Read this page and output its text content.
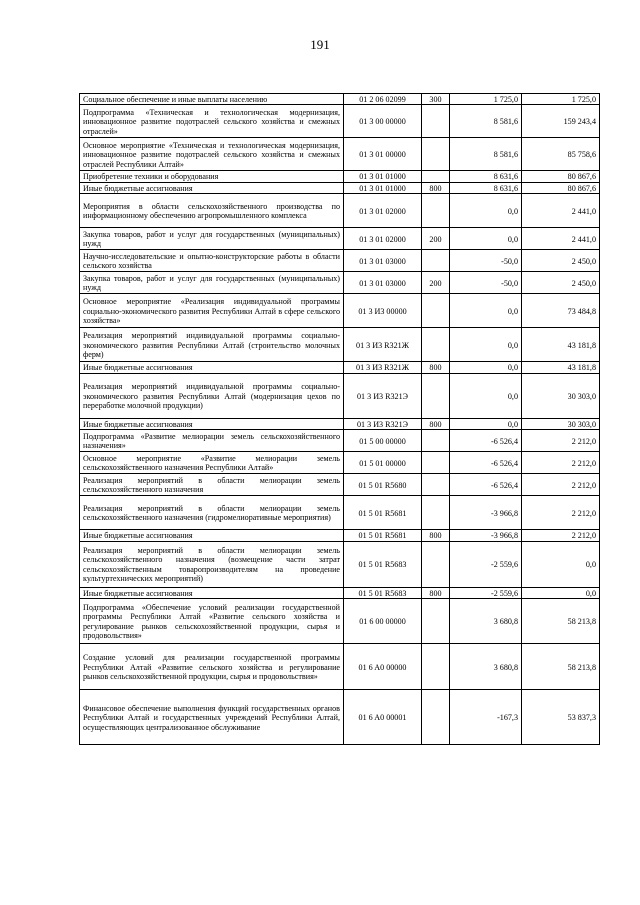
191
Социальное обеспечение и иные выплаты населению	01 2 06 02099	300	1 725,0	1 725,0
Подпрограмма «Техническая и технологическая модернизация, инновационное развитие подотраслей сельского хозяйства и смежных отраслей»	01 3 00 00000		8 581,6	159 243,4
Основное мероприятие «Техническая и технологическая модернизация, инновационное развитие подотраслей сельского хозяйства и смежных отраслей Республики Алтай»	01 3 01 00000		8 581,6	85 758,6
Приобретение техники и оборудования	01 3 01 01000		8 631,6	80 867,6
Иные бюджетные ассигнования	01 3 01 01000	800	8 631,6	80 867,6
Мероприятия в области сельскохозяйственного производства по информационному обеспечению агропромышленного комплекса	01 3 01 02000		0,0	2 441,0
Закупка товаров, работ и услуг для государственных (муниципальных) нужд	01 3 01 02000	200	0,0	2 441,0
Научно-исследовательские и опытно-конструкторские работы в области сельского хозяйства	01 3 01 03000		-50,0	2 450,0
Закупка товаров, работ и услуг для государственных (муниципальных) нужд	01 3 01 03000	200	-50,0	2 450,0
Основное мероприятие «Реализация индивидуальной программы социально-экономического развития Республики Алтай в сфере сельского хозяйства»	01 3 И3 00000		0,0	73 484,8
Реализация мероприятий индивидуальной программы социально-экономического развития Республики Алтай (строительство молочных ферм)	01 3 И3 R321Ж		0,0	43 181,8
Иные бюджетные ассигнования	01 3 И3 R321Ж	800	0,0	43 181,8
Реализация мероприятий индивидуальной программы социально-экономического развития Республики Алтай (модернизация цехов по переработке молочной продукции)	01 3 И3 R321Э		0,0	30 303,0
Иные бюджетные ассигнования	01 3 И3 R321Э	800	0,0	30 303,0
Подпрограмма «Развитие мелиорации земель сельскохозяйственного назначения»	01 5 00 00000		-6 526,4	2 212,0
Основное мероприятие «Развитие мелиорации земель сельскохозяйственного назначения Республики Алтай»	01 5 01 00000		-6 526,4	2 212,0
Реализация мероприятий в области мелиорации земель сельскохозяйственного назначения	01 5 01 R5680		-6 526,4	2 212,0
Реализация мероприятий в области мелиорации земель сельскохозяйственного назначения (гидромелиоративные мероприятия)	01 5 01 R5681		-3 966,8	2 212,0
Иные бюджетные ассигнования	01 5 01 R5681	800	-3 966,8	2 212,0
Реализация мероприятий в области мелиорации земель сельскохозяйственного назначения (возмещение части затрат сельскохозяйственным товаропроизводителям на проведение культуртехнических мероприятий)	01 5 01 R5683		-2 559,6	0,0
Иные бюджетные ассигнования	01 5 01 R5683	800	-2 559,6	0,0
Подпрограмма «Обеспечение условий реализации государственной программы Республики Алтай «Развитие сельского хозяйства и регулирование рынков сельскохозяйственной продукции, сырья и продовольствия»	01 6 00 00000		3 680,8	58 213,8
Создание условий для реализации государственной программы Республики Алтай «Развитие сельского хозяйства и регулирование рынков сельскохозяйственной продукции, сырья и продовольствия»	01 6 A0 00000		3 680,8	58 213,8
Финансовое обеспечение выполнения функций государственных органов Республики Алтай и государственных учреждений Республики Алтай, осуществляющих централизованное обслуживание	01 6 A0 00001		-167,3	53 837,3
